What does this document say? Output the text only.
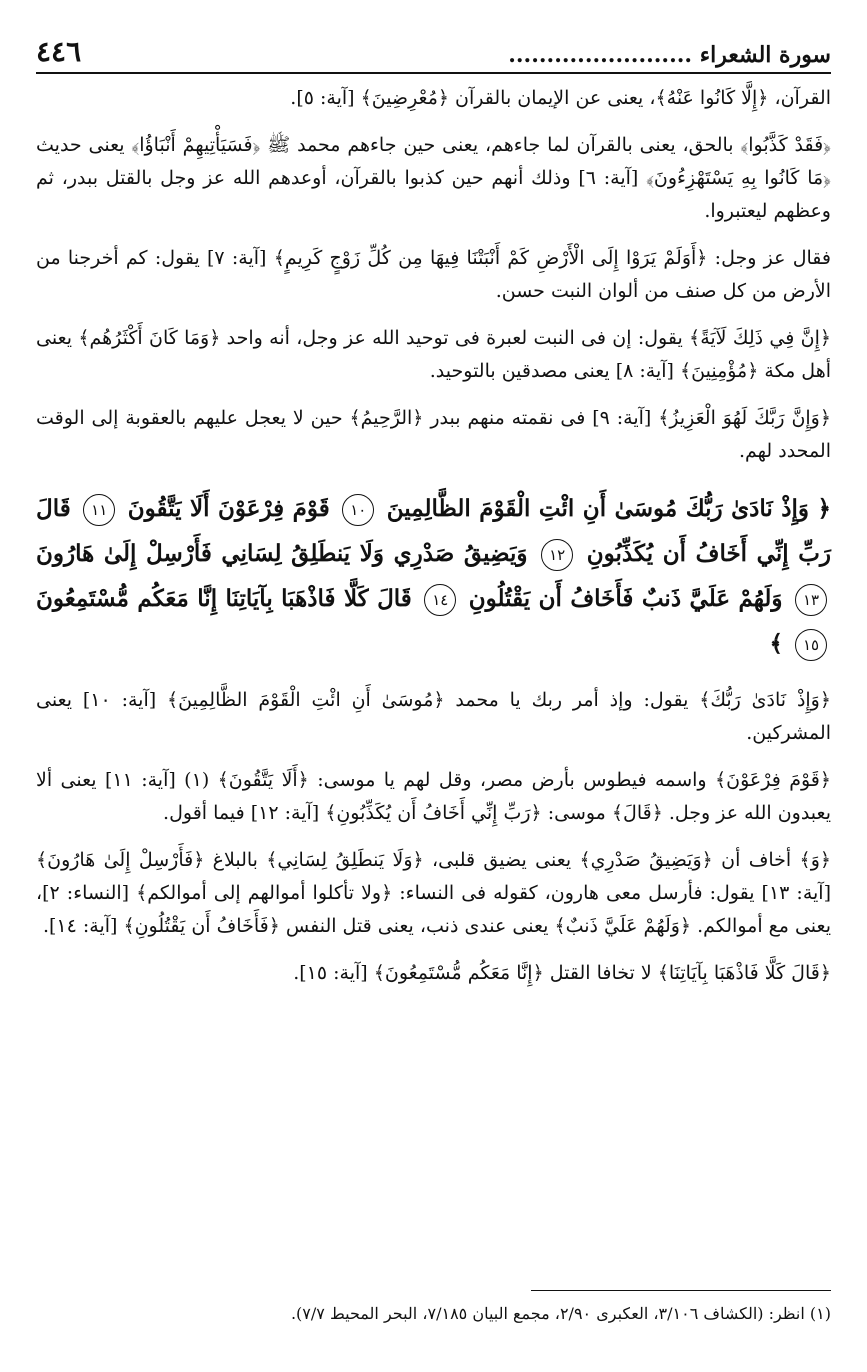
سورة الشعراء ........................
٤٤٦

القرآن، ﴿إِلَّا كَانُوا عَنْهُ﴾، يعنى عن الإيمان بالقرآن ﴿مُعْرِضِينَ﴾ [آية: ٥].

﴿فَقَدْ كَذَّبُوا﴾ بالحق، يعنى بالقرآن لما جاءهم، يعنى حين جاءهم محمد ﷺ ﴿فَسَيَأْتِيهِمْ أَنْبَاؤُا﴾ يعنى حديث ﴿مَا كَانُوا بِهِ يَسْتَهْزِءُونَ﴾ [آية: ٦] وذلك أنهم حين كذبوا بالقرآن، أوعدهم الله عز وجل بالقتل ببدر، ثم وعظهم ليعتبروا.

فقال عز وجل: ﴿أَوَلَمْ يَرَوْا إِلَى الْأَرْضِ كَمْ أَنْبَتْنَا فِيهَا مِن كُلِّ زَوْجٍ كَرِيمٍ﴾ [آية: ٧] يقول: كم أخرجنا من الأرض من كل صنف من ألوان النبت حسن.

﴿إِنَّ فِي ذَلِكَ لَآيَةً﴾ يقول: إن فى النبت لعبرة فى توحيد الله عز وجل، أنه واحد ﴿وَمَا كَانَ أَكْثَرُهُم﴾ يعنى أهل مكة ﴿مُؤْمِنِينَ﴾ [آية: ٨] يعنى مصدقين بالتوحيد.

﴿وَإِنَّ رَبَّكَ لَهُوَ الْعَزِيزُ﴾ [آية: ٩] فى نقمته منهم ببدر ﴿الرَّحِيمُ﴾ حين لا يعجل عليهم بالعقوبة إلى الوقت المحدد لهم.

﴿ وَإِذْ نَادَىٰ رَبُّكَ مُوسَىٰ أَنِ ائْتِ الْقَوْمَ الظَّالِمِينَ ١٠ قَوْمَ فِرْعَوْنَ أَلَا يَتَّقُونَ ١١ قَالَ رَبِّ إِنِّي أَخَافُ أَن يُكَذِّبُونِ ١٢ وَيَضِيقُ صَدْرِي وَلَا يَنطَلِقُ لِسَانِي فَأَرْسِلْ إِلَىٰ هَارُونَ ١٣ وَلَهُمْ عَلَيَّ ذَنبٌ فَأَخَافُ أَن يَقْتُلُونِ ١٤ قَالَ كَلَّا فَاذْهَبَا بِآيَاتِنَا إِنَّا مَعَكُم مُّسْتَمِعُونَ ١٥ ﴾

﴿وَإِذْ نَادَىٰ رَبُّكَ﴾ يقول: وإذ أمر ربك يا محمد ﴿مُوسَىٰ أَنِ ائْتِ الْقَوْمَ الظَّالِمِينَ﴾ [آية: ١٠] يعنى المشركين.

﴿قَوْمَ فِرْعَوْنَ﴾ واسمه فيطوس بأرض مصر، وقل لهم يا موسى: ﴿أَلَا يَتَّقُونَ﴾ (١) [آية: ١١] يعنى ألا يعبدون الله عز وجل. ﴿قَالَ﴾ موسى: ﴿رَبِّ إِنِّي أَخَافُ أَن يُكَذِّبُونِ﴾ [آية: ١٢] فيما أقول.

﴿وَ﴾ أخاف أن ﴿وَيَضِيقُ صَدْرِي﴾ يعنى يضيق قلبى، ﴿وَلَا يَنطَلِقُ لِسَانِي﴾ بالبلاغ ﴿فَأَرْسِلْ إِلَىٰ هَارُونَ﴾ [آية: ١٣] يقول: فأرسل معى هارون، كقوله فى النساء: ﴿ولا تأكلوا أموالهم إلى أموالكم﴾ [النساء: ٢]، يعنى مع أموالكم. ﴿وَلَهُمْ عَلَيَّ ذَنبٌ﴾ يعنى عندى ذنب، يعنى قتل النفس ﴿فَأَخَافُ أَن يَقْتُلُونِ﴾ [آية: ١٤].

﴿قَالَ كَلَّا فَاذْهَبَا بِآيَاتِنَا﴾ لا تخافا القتل ﴿إِنَّا مَعَكُم مُّسْتَمِعُونَ﴾ [آية: ١٥].

(١) انظر: (الكشاف ٣/١٠٦، العكبرى ٢/٩٠، مجمع البيان ٧/١٨٥، البحر المحيط ٧/٧).
